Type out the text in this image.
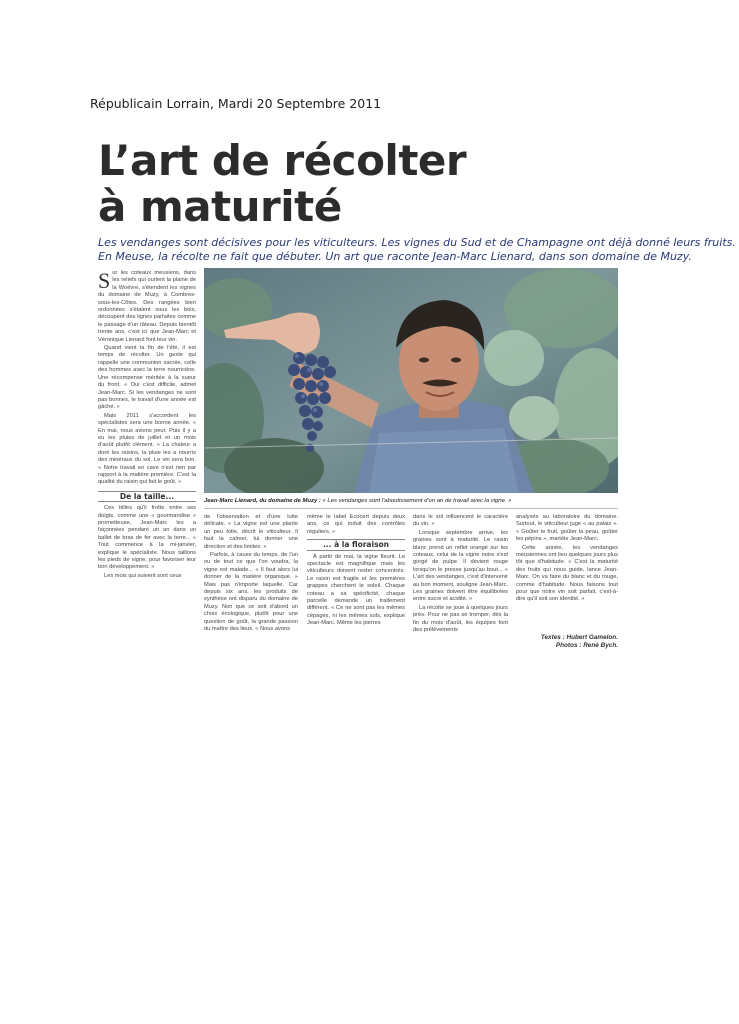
Républicain Lorrain, Mardi 20 Septembre 2011
L’art de récolter
à maturité
Les vendanges sont décisives pour les viticulteurs. Les vignes du Sud et de Champagne ont déjà donné leurs fruits.
En Meuse, la récolte ne fait que débuter. Un art que raconte Jean-Marc Lienard, dans son domaine de Muzy.
S ur les coteaux meusiens, dans les reliefs qui ourlent la plaine de la Woëvre, s'étendent les vignes du domaine de Muzy, à Combres-sous-les-Côtes. Des rangées bien ordonnées s'étalent sous les bois, découpent des lignes parfaites comme le passage d'un râteau. Depuis bientôt trente ans, c'est ici que Jean-Marc et Véronique Lienard font leur vin.

Quand vient la fin de l'été, il est temps de récolter. Un geste qui rappelle une communion sacrée, celle des hommes avec la terre nourricière. Une récompense méritée à la sueur du front. « Oui c'est difficile, admet Jean-Marc. Si les vendanges ne sont pas bonnes, le travail d'une année est gâché. »

Mais 2011 s'accordent les spécialistes sera une bonne année. « En mai, nous avions peur. Puis il y a eu les pluies de juillet et un mois d'août plutôt clément. » La chaleur a doré les raisins, la pluie les a nourris des minéraux du sol. Le vin sera bon. « Notre travail en cave n'est rien par rapport à la matière première. C'est la qualité du raisin qui fait le goût. »

De la taille...

Ces billes qu'il frotte entre ses doigts, comme une « gourmandise » prometteuse, Jean-Marc les a façonnées pendant un an dans un ballet de bras de fer avec la terre... « Tout commence à la mi-janvier, explique le spécialiste. Nous taillons les pieds de vigne, pour favoriser leur bon développement. »

Les mois qui suivent sont ceux

Jean-Marc Lienard, du domaine de Muzy : « Les vendanges sont l'aboutissement d'un an de travail avec la vigne. »

de l'observation et d'une lutte délicate. « La vigne est une plante un peu folle, décrit le viticulteur. Il faut la calmer, lui donner une direction et des limites. »

Parfois, à cause du temps, de l'un ou de tout ce que l'on voudra, la vigne est malade... « Il faut alors lui donner de la matière organique. » Mais pas n'importe laquelle. Car depuis six ans, les produits de synthèse ont disparu du domaine de Muzy. Non que ce soit d'abord un choix écologique, plutôt pour une question de goût, la grande passion du maître des lieux. « Nous avons

même le label Ecocert depuis deux ans, ce qui induit des contrôles réguliers. »

... à la floraison

À partir de mai, la vigne fleurit. Le spectacle est magnifique mais les viticulteurs doivent rester concentrés. Le raisin est fragile et les premières grappes cherchent le soleil. Chaque coteau a sa spécificité, chaque parcelle demande un traitement différent. « Ce ne sont pas les mêmes cépages, ni les mêmes sols, explique Jean-Marc. Même les pierres

dans le sol influencent le caractère du vin. »

Lorsque septembre arrive, les graines sont à maturité. Le raisin blanc prend un reflet orangé sur les coteaux, celui de la vigne noire s'est gorgé de pulpe. Il devient rouge lorsqu'on le presse jusqu'au bout... « L'art des vendanges, c'est d'intervenir au bon moment, souligne Jean-Marc. Les graines doivent être équilibrées entre sucre et acidité. »

La récolte se joue à quelques jours près. Pour ne pas se tromper, dès la fin du mois d'août, les équipes font des prélèvements

analysés au laboratoire du domaine. Surtout, le viticulteur juge « au palais ». « Goûter le fruit, goûter la peau, goûter les pépins », martèle Jean-Marc.

Cette année, les vendanges meusiennes ont lieu quelques jours plus tôt que d'habitude. « C'est la maturité des fruits qui nous guide, lance Jean-Marc. On va faire du blanc et du rouge, comme d'habitude. Nous faisons tout pour que notre vin soit parfait, c'est-à-dire qu'il soit son identité. »

Textes : Hubert Gamelon.
Photos : René Bych.
